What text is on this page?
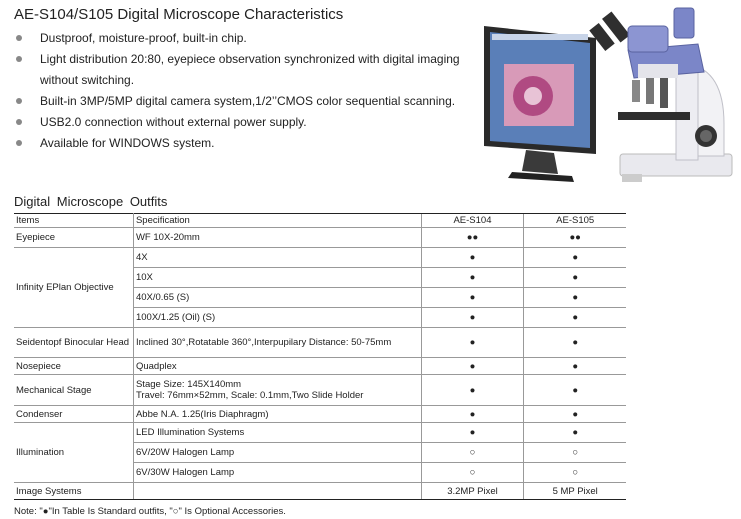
AE-S104/S105 Digital Microscope Characteristics
Dustproof, moisture-proof, built-in chip.
Light distribution 20:80, eyepiece observation synchronized with digital imaging without switching.
Built-in 3MP/5MP digital camera system,1/2’’CMOS color sequential scanning.
USB2.0 connection without external power supply.
Available for WINDOWS system.
Digital Microscope Outfits
Items	Specification	AE-S104	AE-S105
Eyepiece	WF 10X-20mm	●●	●●
Infinity EPlan Objective	4X	●	●
	10X	●	●
	40X/0.65 (S)	●	●
	100X/1.25 (Oil) (S)	●	●
Seidentopf Binocular Head	Inclined 30°,Rotatable 360°,Interpupilary Distance: 50-75mm	●	●
Nosepiece	Quadplex	●	●
Mechanical Stage	Stage Size: 145X140mm
Travel: 76mm×52mm, Scale: 0.1mm,Two Slide Holder	●	●
Condenser	Abbe N.A. 1.25(Iris Diaphragm)	●	●
Illumination	LED Illumination Systems	●	●
	6V/20W Halogen Lamp	○	○
	6V/30W Halogen Lamp	○	○
Image Systems		3.2MP Pixel	5 MP Pixel
Note: "●"In Table Is Standard outfits, "○" Is Optional Accessories.
